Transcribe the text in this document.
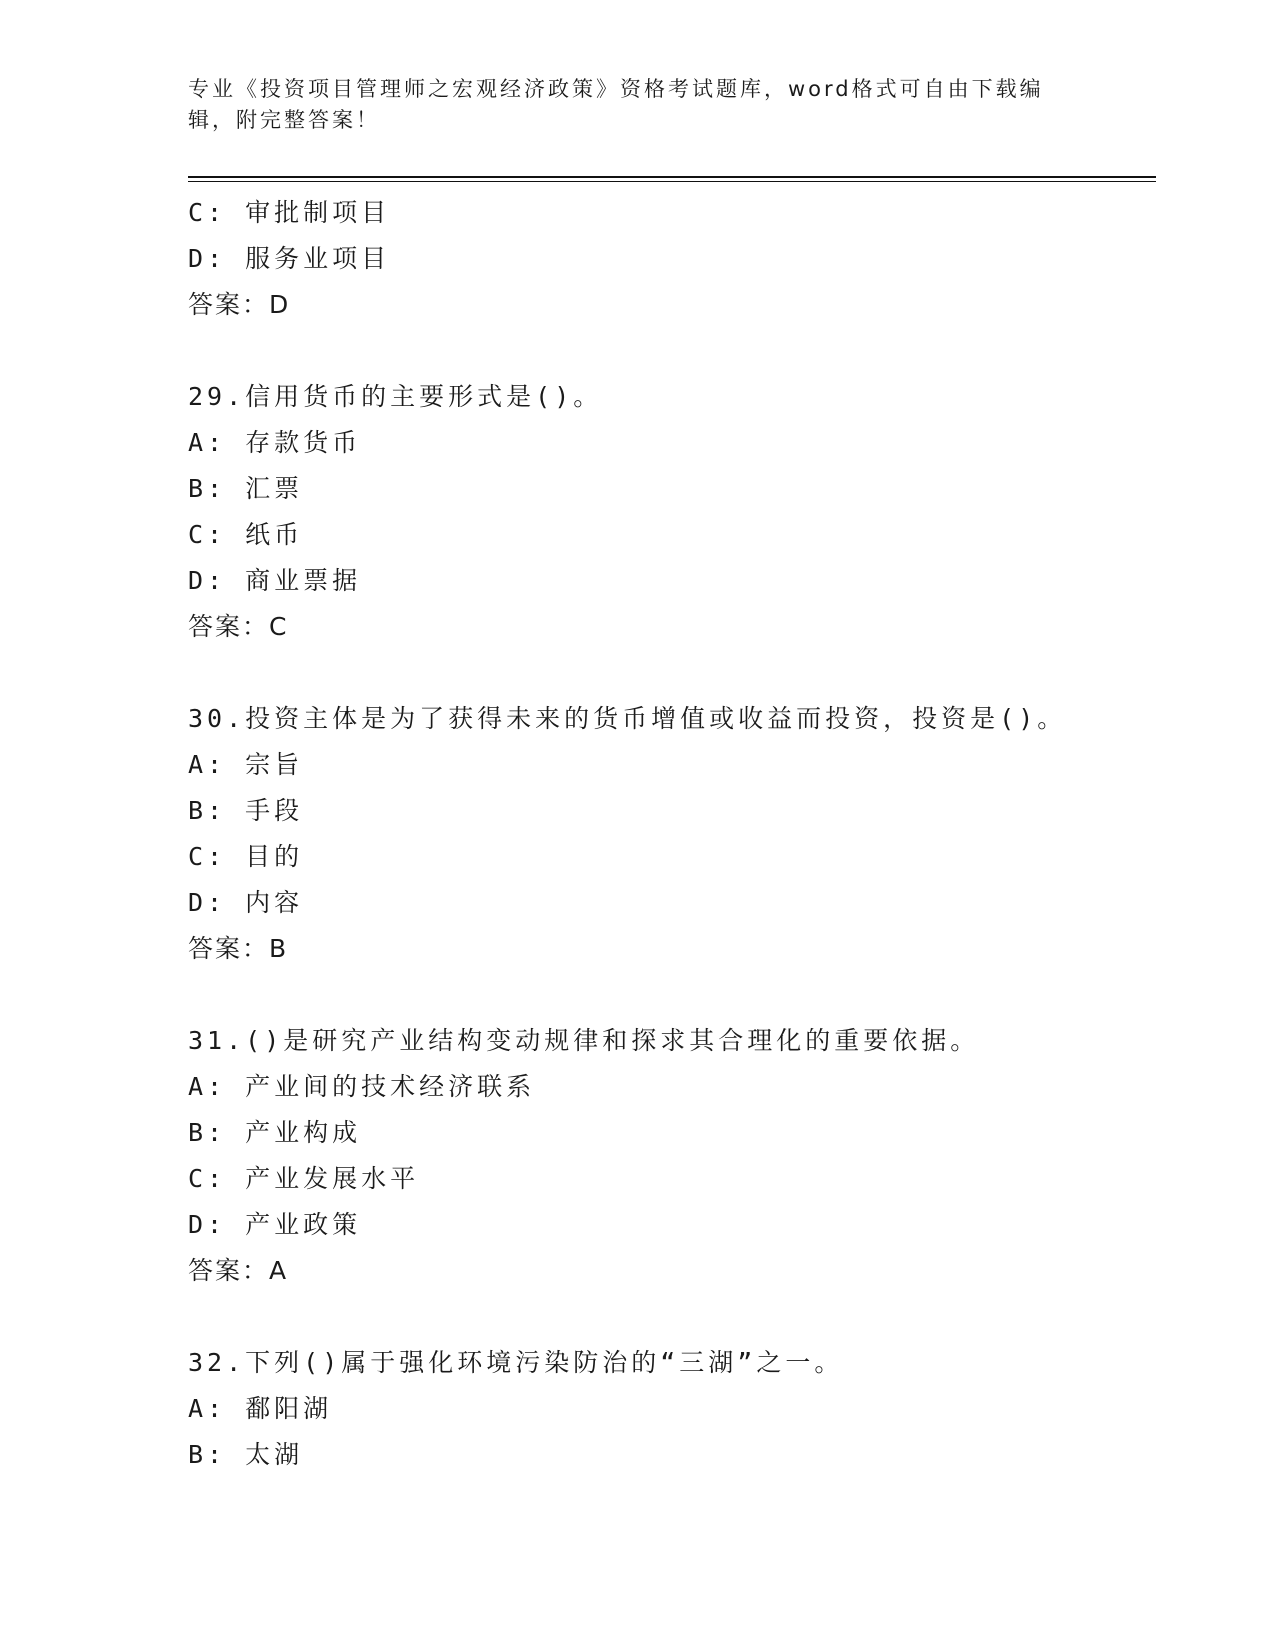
专业《投资项目管理师之宏观经济政策》资格考试题库，word格式可自由下载编
辑，附完整答案！
C: 审批制项目
D: 服务业项目
答案：D
29.信用货币的主要形式是()。
A: 存款货币
B: 汇票
C: 纸币
D: 商业票据
答案：C
30.投资主体是为了获得未来的货币增值或收益而投资，投资是()。
A: 宗旨
B: 手段
C: 目的
D: 内容
答案：B
31.()是研究产业结构变动规律和探求其合理化的重要依据。
A: 产业间的技术经济联系
B: 产业构成
C: 产业发展水平
D: 产业政策
答案：A
32.下列()属于强化环境污染防治的“三湖”之一。
A: 鄱阳湖
B: 太湖
